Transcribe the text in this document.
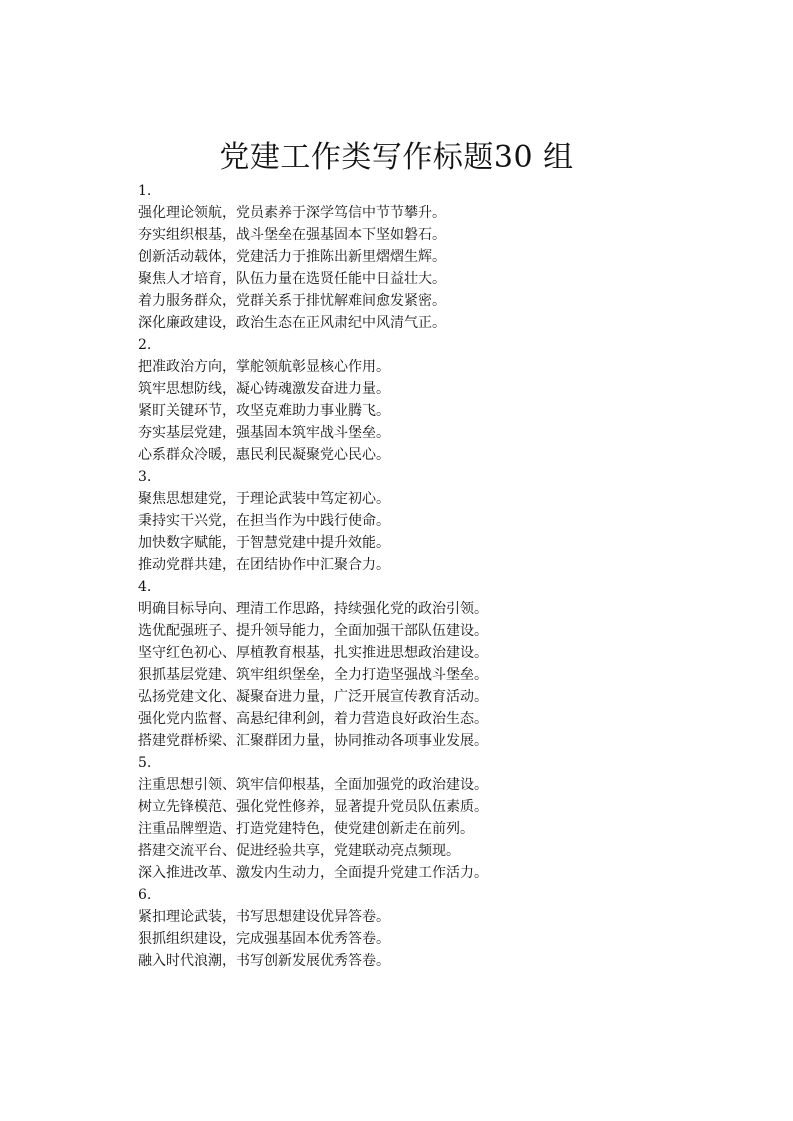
党建工作类写作标题30 组
1.
强化理论领航，党员素养于深学笃信中节节攀升。
夯实组织根基，战斗堡垒在强基固本下坚如磐石。
创新活动载体，党建活力于推陈出新里熠熠生辉。
聚焦人才培育，队伍力量在选贤任能中日益壮大。
着力服务群众，党群关系于排忧解难间愈发紧密。
深化廉政建设，政治生态在正风肃纪中风清气正。
2.
把准政治方向，掌舵领航彰显核心作用。
筑牢思想防线，凝心铸魂激发奋进力量。
紧盯关键环节，攻坚克难助力事业腾飞。
夯实基层党建，强基固本筑牢战斗堡垒。
心系群众冷暖，惠民利民凝聚党心民心。
3.
聚焦思想建党，于理论武装中笃定初心。
秉持实干兴党，在担当作为中践行使命。
加快数字赋能，于智慧党建中提升效能。
推动党群共建，在团结协作中汇聚合力。
4.
明确目标导向、理清工作思路，持续强化党的政治引领。
选优配强班子、提升领导能力，全面加强干部队伍建设。
坚守红色初心、厚植教育根基，扎实推进思想政治建设。
狠抓基层党建、筑牢组织堡垒，全力打造坚强战斗堡垒。
弘扬党建文化、凝聚奋进力量，广泛开展宣传教育活动。
强化党内监督、高悬纪律利剑，着力营造良好政治生态。
搭建党群桥梁、汇聚群团力量，协同推动各项事业发展。
5.
注重思想引领、筑牢信仰根基，全面加强党的政治建设。
树立先锋模范、强化党性修养，显著提升党员队伍素质。
注重品牌塑造、打造党建特色，使党建创新走在前列。
搭建交流平台、促进经验共享，党建联动亮点频现。
深入推进改革、激发内生动力，全面提升党建工作活力。
6.
紧扣理论武装，书写思想建设优异答卷。
狠抓组织建设，完成强基固本优秀答卷。
融入时代浪潮，书写创新发展优秀答卷。
